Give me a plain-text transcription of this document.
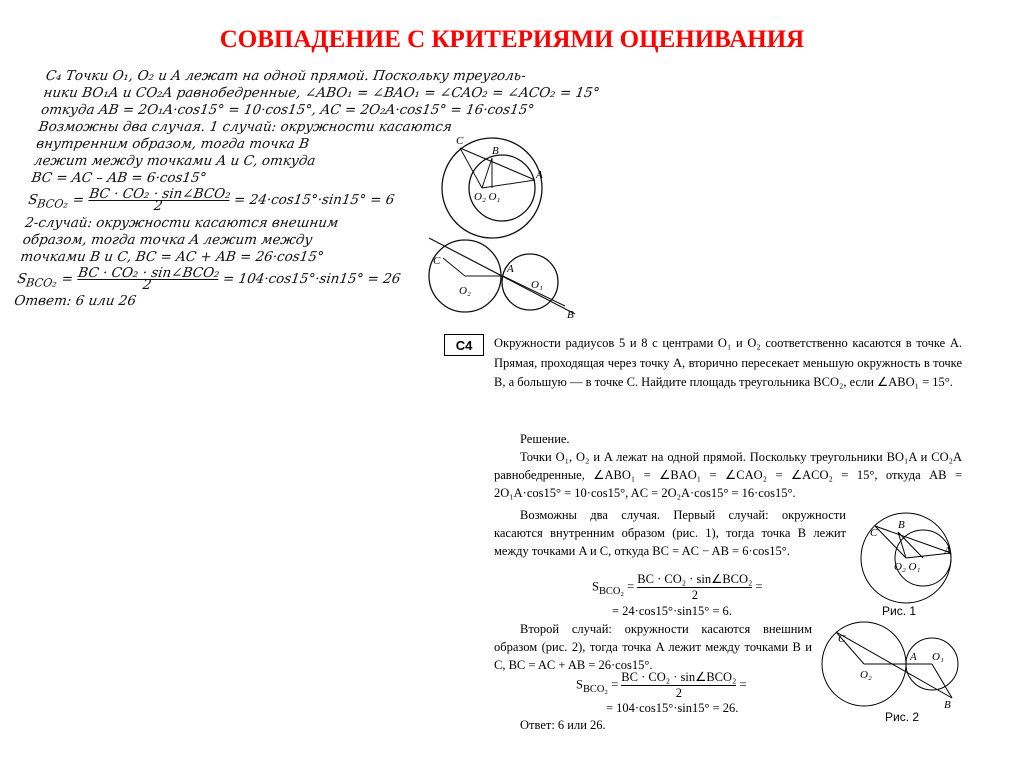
СОВПАДЕНИЕ С КРИТЕРИЯМИ ОЦЕНИВАНИЯ
C₄ Точки O₁, O₂ и A лежат на одной прямой. Поскольку треуголь-
ники BO₁A и CO₂A равнобедренные, ∠ABO₁ = ∠BAO₁ = ∠CAO₂ = ∠ACO₂ = 15°
откуда AB = 2O₁A·cos15° = 10·cos15°, AC = 2O₂A·cos15° = 16·cos15°
Возможны два случая. 1 случай: окружности касаются
внутренним образом, тогда точка B
лежит между точками A и C, откуда
BC = AC – AB = 6·cos15°
$S_{BCO_2}$ =
$\frac{\text{BC · CO₂ · sin∠BCO₂}}{2} = 24\cdot\cos 15^\circ\cdot\sin 15^\circ = 6$
2-случай: окружности касаются внешним
образом, тогда точка A лежит между
точками B и C, BC = AC + AB = 26·cos15°
$S_{BCO_2}$ =
$\frac{\text{BC · CO₂ · sin∠BCO₂}}{2} = 104\cdot\cos 15^\circ\cdot\sin 15^\circ = 26$
Ответ: 6 или 26
C
B
A
O₂ O₁
C
A
O₂	O₁
B
С4	Окружности радиусов 5 и 8 с центрами O₁ и O₂ соответственно касаются в точке A. Прямая, проходящая через точку A, вторично пересекает меньшую окружность в точке B, а большую — в точке C. Найдите площадь треугольника BCO₂, если ∠ABO₁ = 15°.
Решение.
Точки O₁, O₂ и A лежат на одной прямой. Поскольку треугольники BO₁A и CO₂A равнобедренные, ∠ABO₁ = ∠BAO₁ = ∠CAO₂ = ∠ACO₂ = 15°, откуда AB = 2O₁A·cos15° = 10·cos15°, AC = 2O₂A·cos15° = 16·cos15°.
Возможны два случая. Первый случай: окружности касаются внутренним образом (рис. 1), тогда точка B лежит между точками A и C, откуда BC = AC − AB = 6·cos15°.
$S_{BCO_2}$ =
BC · CO₂ · sin∠BCO₂
2
=
= 24·cos15°·sin15° = 6.
Второй случай: окружности касаются внешним образом (рис. 2), тогда точка A лежит между точками B и C, BC = AC + AB = 26·cos15°.
$S_{BCO_2}$ =
BC · CO₂ · sin∠BCO₂
2
=
= 104·cos15°·sin15° = 26.
Ответ: 6 или 26.
C
B
A
O₂ O₁
Рис. 1
C
A
O₂
O₁
B
Рис. 2
